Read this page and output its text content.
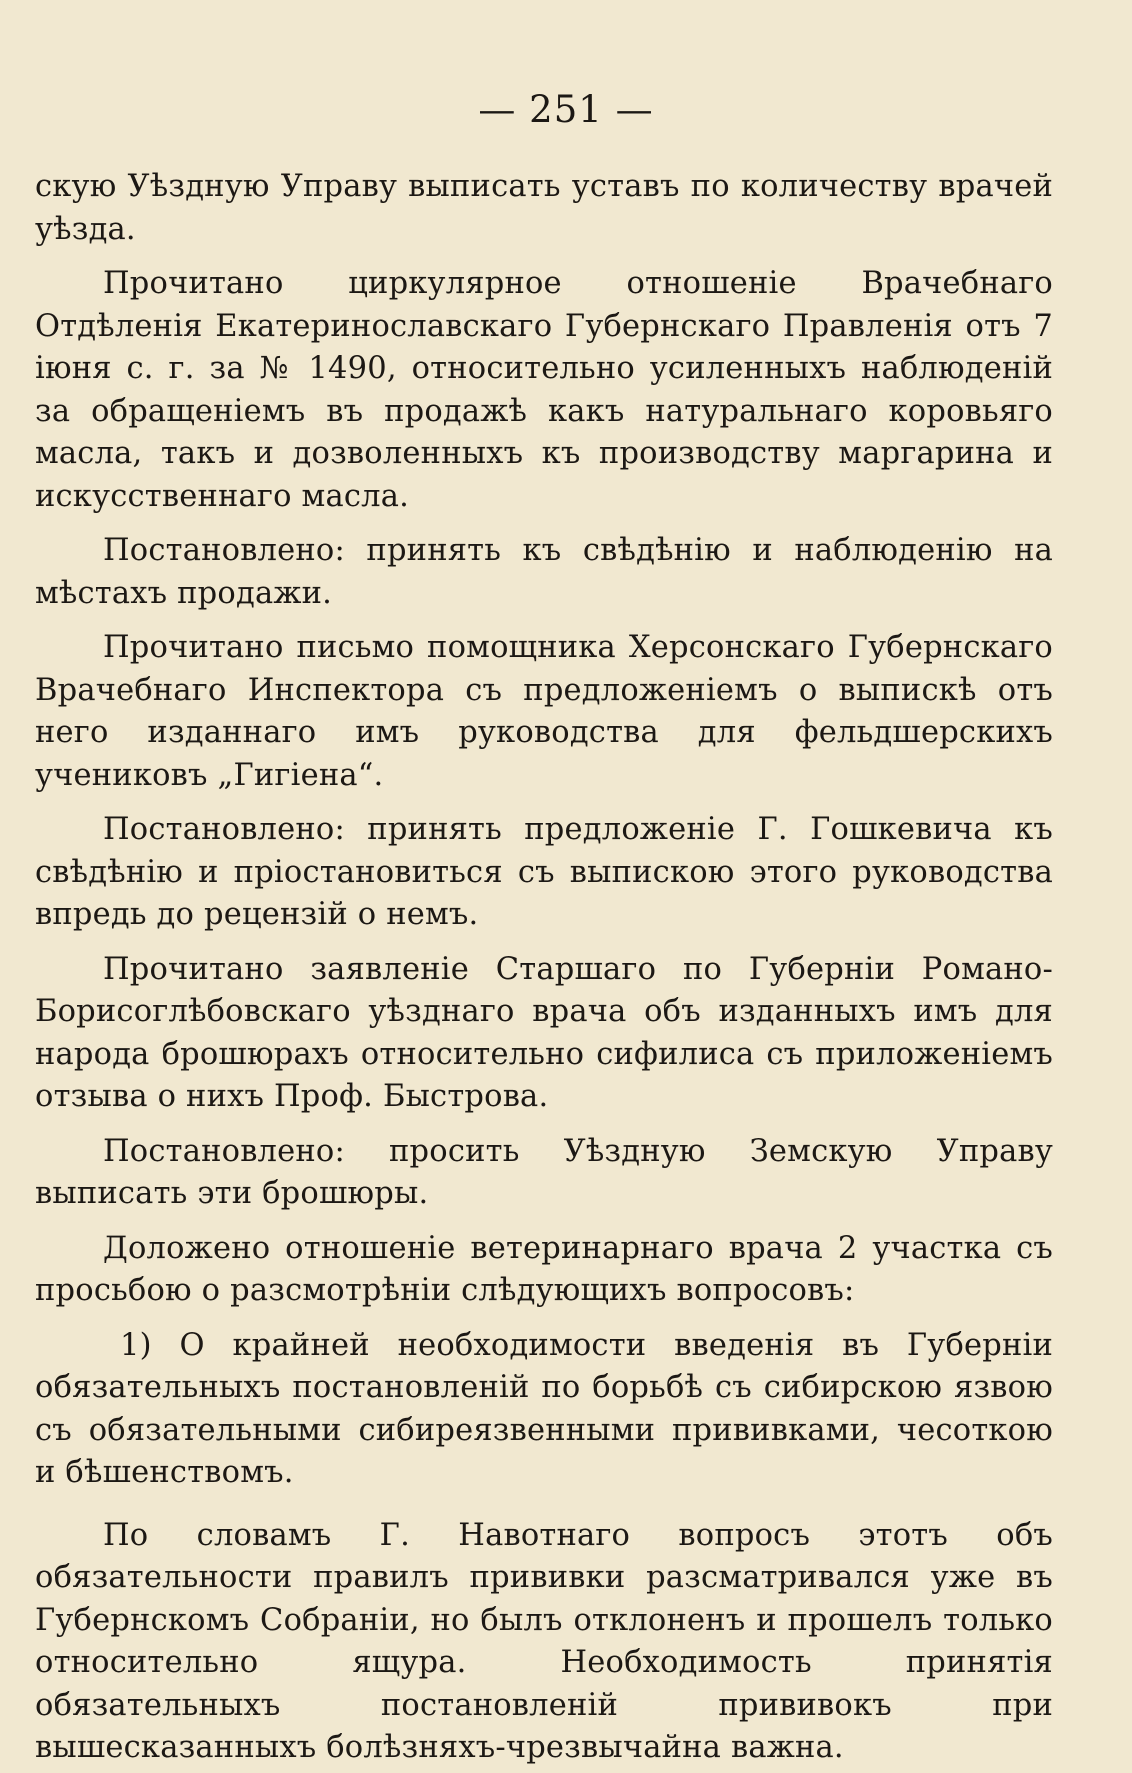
— 251 —

скую Уѣздную Управу выписать уставъ по количеству врачей уѣзда.

Прочитано циркулярное отношеніе Врачебнаго Отдѣленія Екатеринославскаго Губернскаго Правленія отъ 7 іюня с. г. за № 1490, относительно усиленныхъ наблюденій за обращеніемъ въ продажѣ какъ натуральнаго коровьяго масла, такъ и дозволенныхъ къ производству маргарина и искусственнаго масла.

Постановлено: принять къ свѣдѣнію и наблюденію на мѣстахъ продажи.

Прочитано письмо помощника Херсонскаго Губернскаго Врачебнаго Инспектора съ предложеніемъ о выпискѣ отъ него изданнаго имъ руководства для фельдшерскихъ учениковъ „Гигіена“.

Постановлено: принять предложеніе Г. Гошкевича къ свѣдѣнію и пріостановиться съ выпискою этого руководства впредь до рецензій о немъ.

Прочитано заявленіе Старшаго по Губерніи Романо-Борисоглѣбовскаго уѣзднаго врача объ изданныхъ имъ для народа брошюрахъ относительно сифилиса съ приложеніемъ отзыва о нихъ Проф. Быстрова.

Постановлено: просить Уѣздную Земскую Управу выписать эти брошюры.

Доложено отношеніе ветеринарнаго врача 2 участка съ просьбою о разсмотрѣніи слѣдующихъ вопросовъ:

1) О крайней необходимости введенія въ Губерніи обязательныхъ постановленій по борьбѣ съ сибирскою язвою съ обязательными сибиреязвенными прививками, чесоткою и бѣшенствомъ.

По словамъ Г. Навотнаго вопросъ этотъ объ обязательности правилъ прививки разсматривался уже въ Губернскомъ Собраніи, но былъ отклоненъ и прошелъ только относительно ящура. Необходимость принятія обязательныхъ постановленій прививокъ при вышесказанныхъ болѣзняхъ-чрезвычайна важна.
